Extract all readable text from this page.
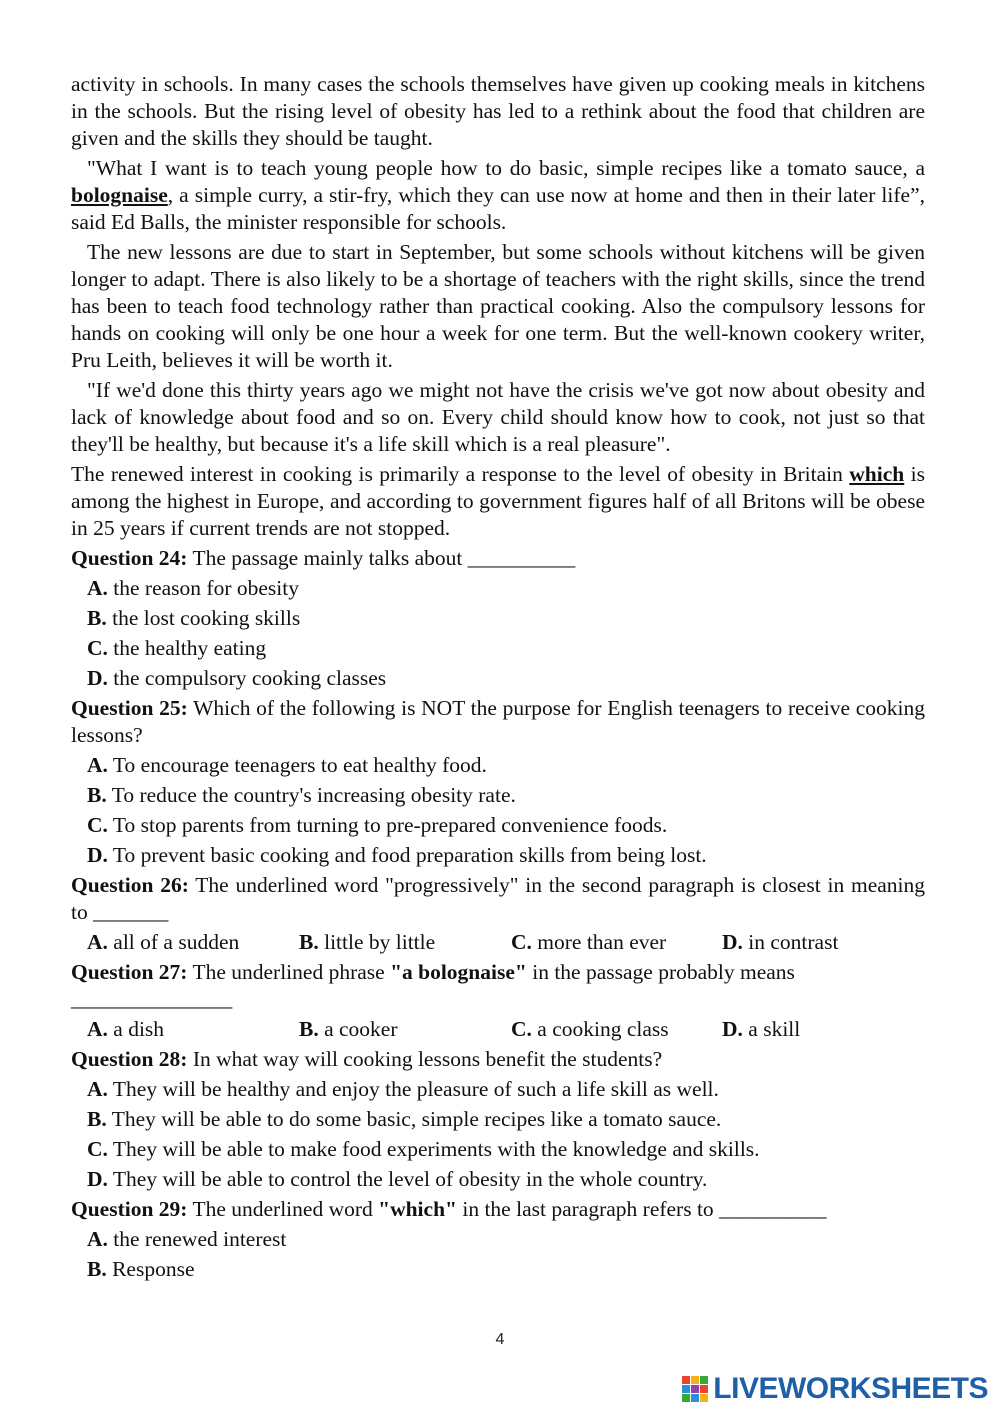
activity in schools. In many cases the schools themselves have given up cooking meals in kitchens in the schools. But the rising level of obesity has led to a rethink about the food that children are given and the skills they should be taught.

"What I want is to teach young people how to do basic, simple recipes like a tomato sauce, a bolognaise, a simple curry, a stir-fry, which they can use now at home and then in their later life”, said Ed Balls, the minister responsible for schools.

The new lessons are due to start in September, but some schools without kitchens will be given longer to adapt. There is also likely to be a shortage of teachers with the right skills, since the trend has been to teach food technology rather than practical cooking. Also the compulsory lessons for hands on cooking will only be one hour a week for one term. But the well-known cookery writer, Pru Leith, believes it will be worth it.

"If we'd done this thirty years ago we might not have the crisis we've got now about obesity and lack of knowledge about food and so on. Every child should know how to cook, not just so that they'll be healthy, but because it's a life skill which is a real pleasure".

The renewed interest in cooking is primarily a response to the level of obesity in Britain which is among the highest in Europe, and according to government figures half of all Britons will be obese in 25 years if current trends are not stopped.

Question 24: The passage mainly talks about __________
A. the reason for obesity
B. the lost cooking skills
C. the healthy eating
D. the compulsory cooking classes
Question 25: Which of the following is NOT the purpose for English teenagers to receive cooking lessons?
A. To encourage teenagers to eat healthy food.
B. To reduce the country's increasing obesity rate.
C. To stop parents from turning to pre-prepared convenience foods.
D. To prevent basic cooking and food preparation skills from being lost.
Question 26: The underlined word "progressively" in the second paragraph is closest in meaning to _______
A. all of a sudden	B. little by little	C. more than ever	D. in contrast
Question 27: The underlined phrase "a bolognaise" in the passage probably means
_______________
A. a dish	B. a cooker	C. a cooking class	D. a skill
Question 28: In what way will cooking lessons benefit the students?
A. They will be healthy and enjoy the pleasure of such a life skill as well.
B. They will be able to do some basic, simple recipes like a tomato sauce.
C. They will be able to make food experiments with the knowledge and skills.
D. They will be able to control the level of obesity in the whole country.
Question 29: The underlined word "which" in the last paragraph refers to __________
A. the renewed interest
B. Response
4
LIVEWORKSHEETS
